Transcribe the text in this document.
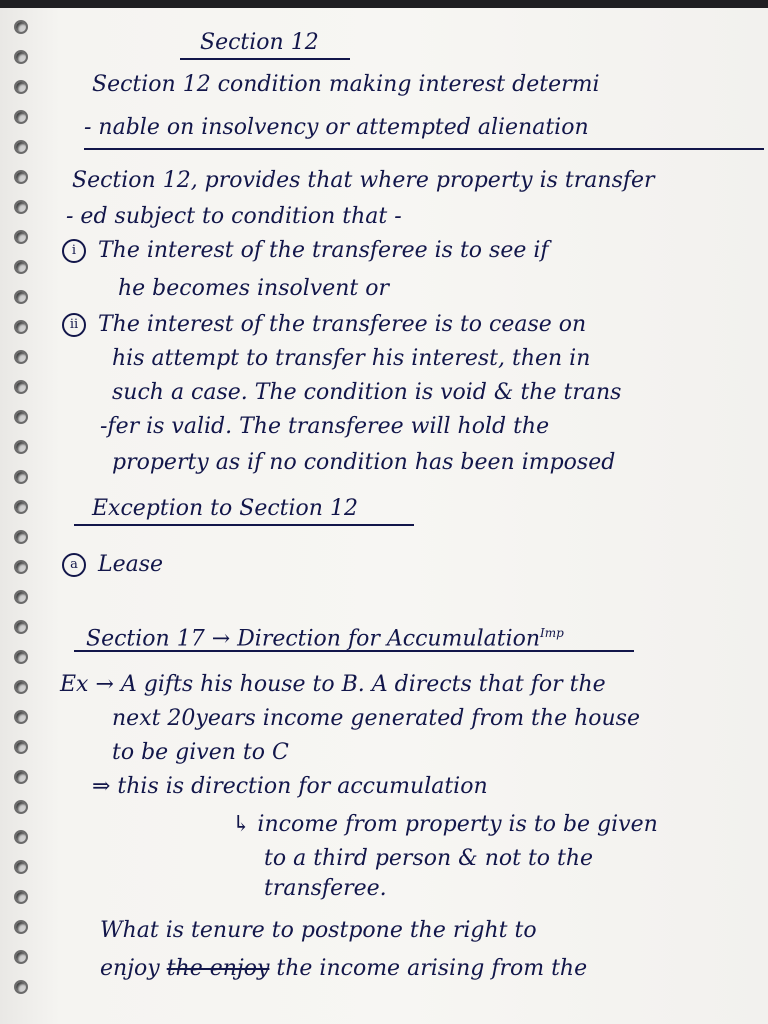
Section 12
Section 12 condition making interest determi
- nable on insolvency or attempted alienation
Section 12, provides that where property is transfer
- ed subject to condition that -
i The interest of the transferee is to see if
he becomes insolvent or
ii The interest of the transferee is to cease on
his attempt to transfer his interest, then in
such a case. The condition is void & the trans
-fer is valid. The transferee will hold the
property as if no condition has been imposed
Exception to Section 12
a Lease
Section 17 → Direction for Accumulation$^{Imp}$
Ex → A gifts his house to B. A directs that for the
next 20years income generated from the house
to be given to C
⇒ this is direction for accumulation
↳ income from property is to be given
to a third person & not to the
transferee.
What is tenure to postpone the right to
enjoy the enjoy the income arising from the
